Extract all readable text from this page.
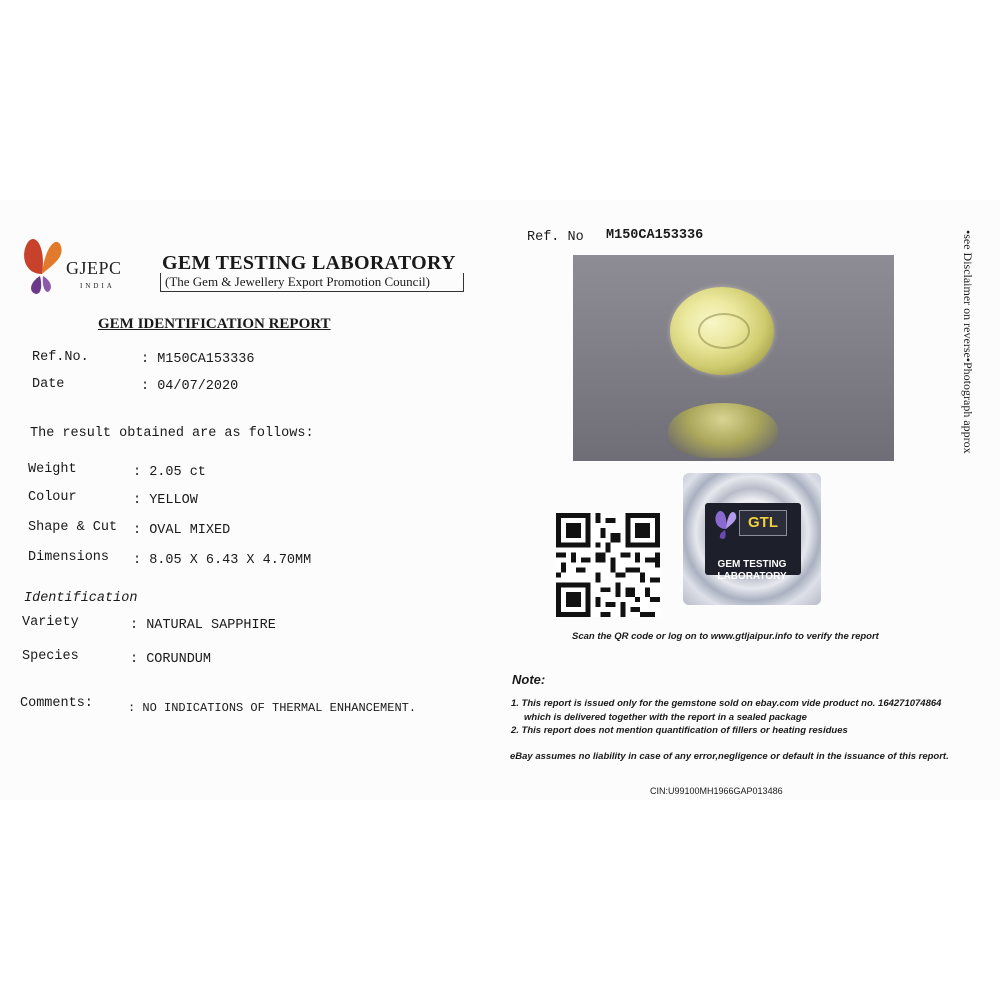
GJEPC
INDIA
GEM TESTING LABORATORY
(The Gem & Jewellery Export Promotion Council)
GEM IDENTIFICATION REPORT
Ref.No.	: M150CA153336
Date	: 04/07/2020
The result obtained are as follows:
Weight	: 2.05 ct
Colour	: YELLOW
Shape & Cut : OVAL MIXED
Dimensions : 8.05 X 6.43 X 4.70MM
Identification
Variety	: NATURAL SAPPHIRE
Species	: CORUNDUM
Comments:	: NO INDICATIONS OF THERMAL ENHANCEMENT.
Ref. No M150CA153336
GTL
GEM TESTING
LABORATORY
Scan the QR code or log on to www.gtljaipur.info to verify the report
•see Disclaimer on reverse•Photograph approx
Note:
1. This report is issued only for the gemstone sold on ebay.com vide product no. 164271074864
which is delivered together with the report in a sealed package
2. This report does not mention quantification of fillers or heating residues
eBay assumes no liability in case of any error,negligence or default in the issuance of this report.
CIN:U99100MH1966GAP013486
